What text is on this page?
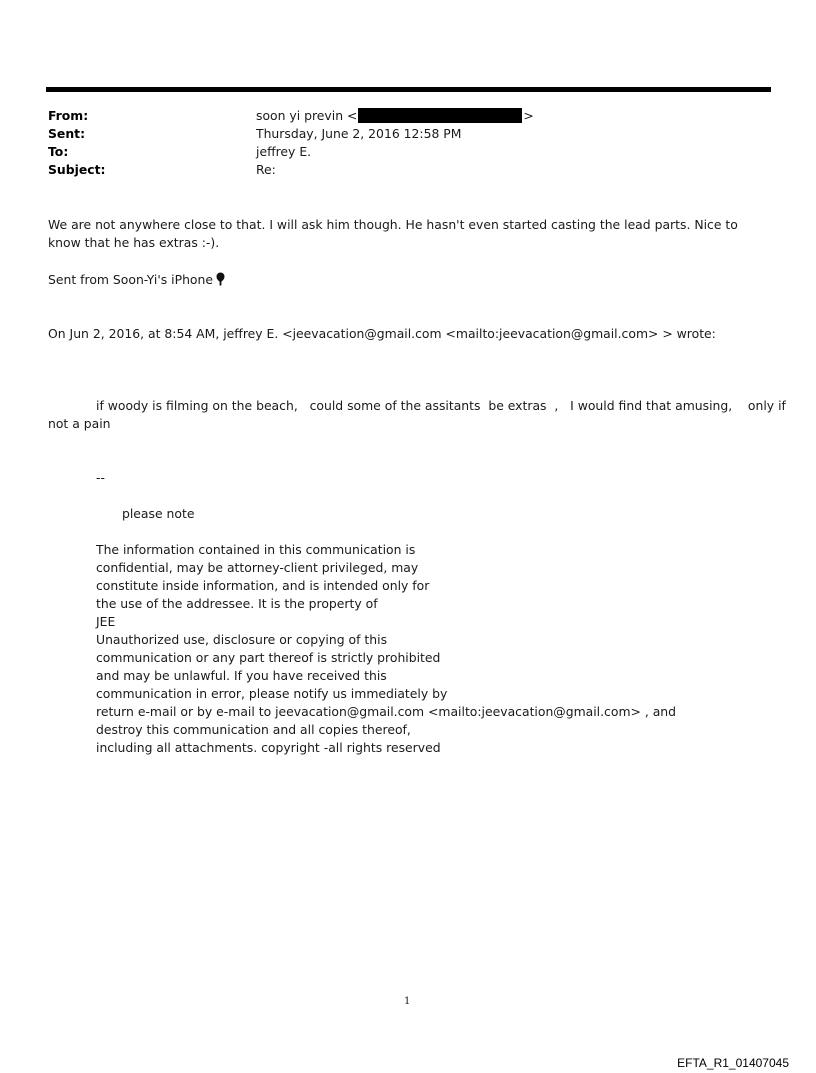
From:	soon yi previn <	>
Sent:	Thursday, June 2, 2016 12:58 PM
To:	jeffrey E.
Subject:	Re:
We are not anywhere close to that. I will ask him though. He hasn't even started casting the lead parts. Nice to know that he has extras :-).
Sent from Soon-Yi's iPhone
On Jun 2, 2016, at 8:54 AM, jeffrey E. <jeevacation@gmail.com <mailto:jeevacation@gmail.com> > wrote:
if woody is filming on the beach,   could some of the assitants  be extras  ,   I would find that amusing,    only if
not a pain
--
please note
The information contained in this communication is
confidential, may be attorney-client privileged, may
constitute inside information, and is intended only for
the use of the addressee. It is the property of
JEE
Unauthorized use, disclosure or copying of this
communication or any part thereof is strictly prohibited
and may be unlawful. If you have received this
communication in error, please notify us immediately by
return e-mail or by e-mail to jeevacation@gmail.com <mailto:jeevacation@gmail.com> , and
destroy this communication and all copies thereof,
including all attachments. copyright -all rights reserved
1
EFTA_R1_01407045
